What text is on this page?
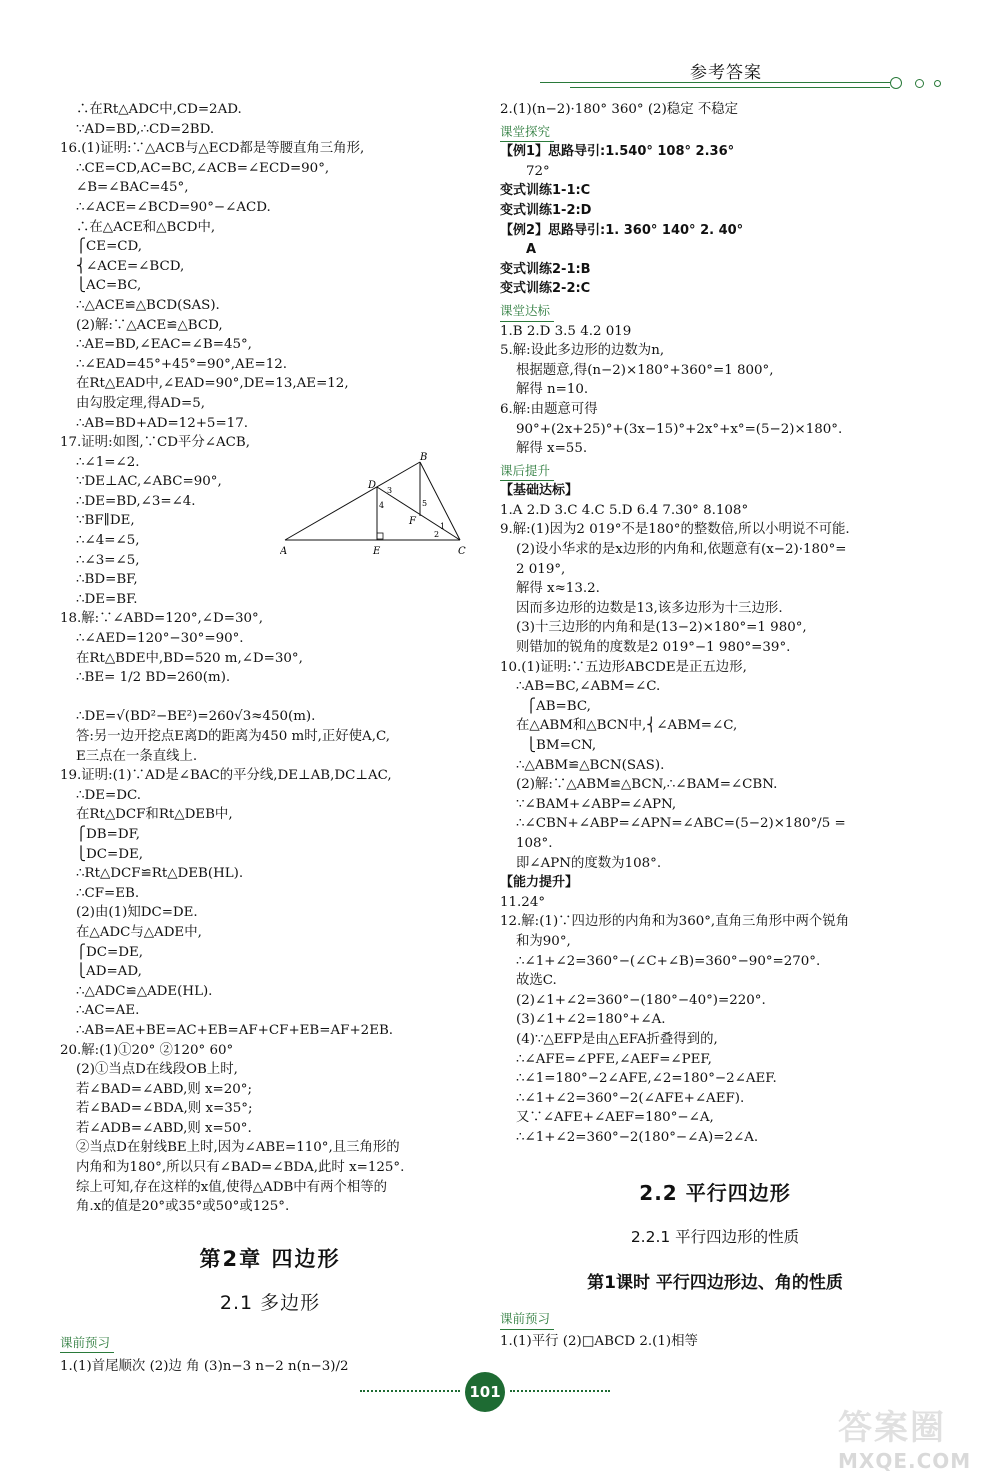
参考答案
∴在Rt△ADC中,CD=2AD.
∵AD=BD,∴CD=2BD.
16.(1)证明:∵△ACB与△ECD都是等腰直角三角形,
∴CE=CD,AC=BC,∠ACB=∠ECD=90°,
∠B=∠BAC=45°,
∴∠ACE=∠BCD=90°−∠ACD.
∴在△ACE和△BCD中,
⎧CE=CD,
⎨∠ACE=∠BCD,
⎩AC=BC,
∴△ACE≌△BCD(SAS).
(2)解:∵△ACE≌△BCD,
∴AE=BD,∠EAC=∠B=45°,
∴∠EAD=45°+45°=90°,AE=12.
在Rt△EAD中,∠EAD=90°,DE=13,AE=12,
由勾股定理,得AD=5,
∴AB=BD+AD=12+5=17.
17.证明:如图,∵CD平分∠ACB,
∴∠1=∠2.
∵DE⊥AC,∠ABC=90°,
∴DE=BD,∠3=∠4.
∵BF∥DE,
∴∠4=∠5,
∴∠3=∠5,
∴BD=BF,
∴DE=BF.
18.解:∵∠ABD=120°,∠D=30°,
∴∠AED=120°−30°=90°.
在Rt△BDE中,BD=520 m,∠D=30°,
∴BE= 1/2 BD=260(m).
∴DE=√(BD²−BE²)=260√3≈450(m).
答:另一边开挖点E离D的距离为450 m时,正好使A,C,
E三点在一条直线上.
19.证明:(1)∵AD是∠BAC的平分线,DE⊥AB,DC⊥AC,
∴DE=DC.
在Rt△DCF和Rt△DEB中,
⎧DB=DF,
⎩DC=DE,
∴Rt△DCF≌Rt△DEB(HL).
∴CF=EB.
(2)由(1)知DC=DE.
在△ADC与△ADE中,
⎧DC=DE,
⎩AD=AD,
∴△ADC≌△ADE(HL).
∴AC=AE.
∴AB=AE+BE=AC+EB=AF+CF+EB=AF+2EB.
20.解:(1)①20° ②120° 60°
(2)①当点D在线段OB上时,
若∠BAD=∠ABD,则 x=20°;
若∠BAD=∠BDA,则 x=35°;
若∠ADB=∠ABD,则 x=50°.
②当点D在射线BE上时,因为∠ABE=110°,且三角形的
内角和为180°,所以只有∠BAD=∠BDA,此时 x=125°.
综上可知,存在这样的x值,使得△ADB中有两个相等的
角.x的值是20°或35°或50°或125°.
第2章 四边形
2.1 多边形
课前预习
1.(1)首尾顺次 (2)边 角 (3)n−3 n−2 n(n−3)/2
A
B
C
D
E
F	1
2
3
4	5
2.(1)(n−2)·180° 360° (2)稳定 不稳定
课堂探究
【例1】思路导引:1.540° 108° 2.36°
72°
变式训练1-1:C
变式训练1-2:D
【例2】思路导引:1. 360° 140° 2. 40°
A
变式训练2-1:B
变式训练2-2:C
课堂达标
1.B 2.D 3.5 4.2 019
5.解:设此多边形的边数为n,
根据题意,得(n−2)×180°+360°=1 800°,
解得 n=10.
6.解:由题意可得
90°+(2x+25)°+(3x−15)°+2x°+x°=(5−2)×180°.
解得 x=55.
课后提升
【基础达标】
1.A 2.D 3.C 4.C 5.D 6.4 7.30° 8.108°
9.解:(1)因为2 019°不是180°的整数倍,所以小明说不可能.
(2)设小华求的是x边形的内角和,依题意有(x−2)·180°=
2 019°,
解得 x≈13.2.
因而多边形的边数是13,该多边形为十三边形.
(3)十三边形的内角和是(13−2)×180°=1 980°,
则错加的锐角的度数是2 019°−1 980°=39°.
10.(1)证明:∵五边形ABCDE是正五边形,
∴AB=BC,∠ABM=∠C.
⎧AB=BC,
在△ABM和△BCN中,⎨∠ABM=∠C,
⎩BM=CN,
∴△ABM≌△BCN(SAS).
(2)解:∵△ABM≌△BCN,∴∠BAM=∠CBN.
∵∠BAM+∠ABP=∠APN,
∴∠CBN+∠ABP=∠APN=∠ABC=(5−2)×180°/5 =
108°.
即∠APN的度数为108°.
【能力提升】
11.24°
12.解:(1)∵四边形的内角和为360°,直角三角形中两个锐角
和为90°,
∴∠1+∠2=360°−(∠C+∠B)=360°−90°=270°.
故选C.
(2)∠1+∠2=360°−(180°−40°)=220°.
(3)∠1+∠2=180°+∠A.
(4)∵△EFP是由△EFA折叠得到的,
∴∠AFE=∠PFE,∠AEF=∠PEF,
∴∠1=180°−2∠AFE,∠2=180°−2∠AEF.
∴∠1+∠2=360°−2(∠AFE+∠AEF).
又∵∠AFE+∠AEF=180°−∠A,
∴∠1+∠2=360°−2(180°−∠A)=2∠A.
2.2 平行四边形
2.2.1 平行四边形的性质
第1课时 平行四边形边、角的性质
课前预习
1.(1)平行 (2)□ABCD 2.(1)相等
101
答案圈
MXQE.COM
